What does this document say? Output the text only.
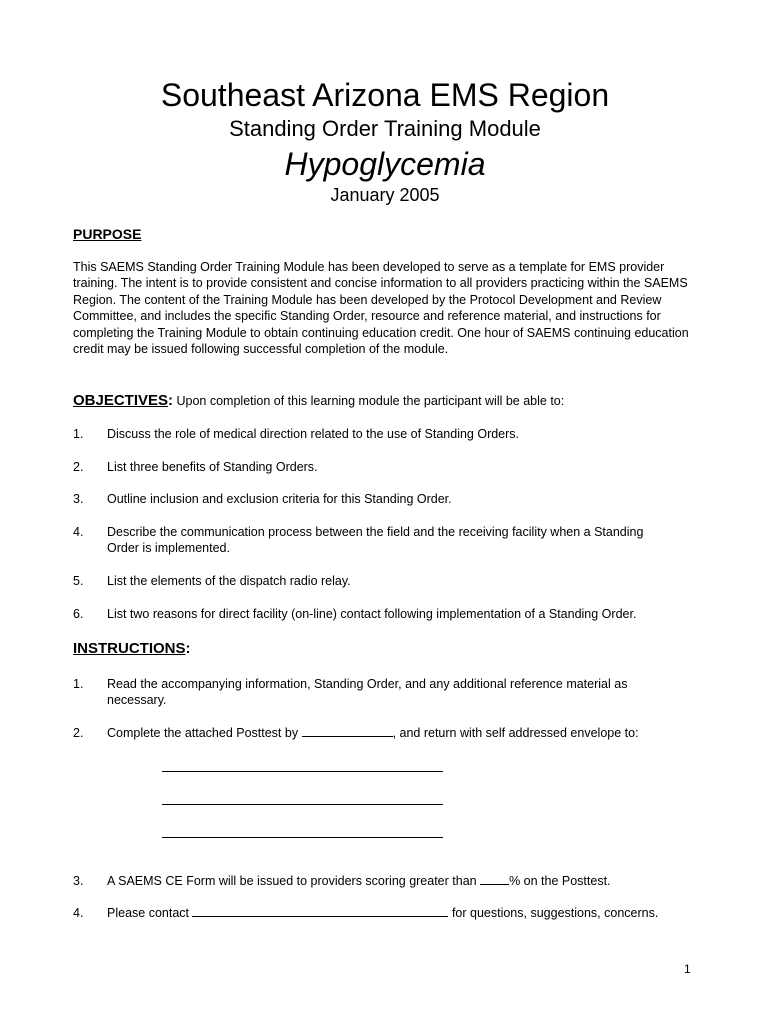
Southeast Arizona EMS Region
Standing Order Training Module
Hypoglycemia
January 2005
PURPOSE
This SAEMS Standing Order Training Module has been developed to serve as a template for EMS provider training. The intent is to provide consistent and concise information to all providers practicing within the SAEMS Region. The content of the Training Module has been developed by the Protocol Development and Review Committee, and includes the specific Standing Order, resource and reference material, and instructions for completing the Training Module to obtain continuing education credit. One hour of SAEMS continuing education credit may be issued following successful completion of the module.
OBJECTIVES: Upon completion of this learning module the participant will be able to:
1.	Discuss the role of medical direction related to the use of Standing Orders.
2.	List three benefits of Standing Orders.
3.	Outline inclusion and exclusion criteria for this Standing Order.
4.	Describe the communication process between the field and the receiving facility when a Standing Order is implemented.
5.	List the elements of the dispatch radio relay.
6.	List two reasons for direct facility (on-line) contact following implementation of a Standing Order.
INSTRUCTIONS:
1.	Read the accompanying information, Standing Order, and any additional reference material as necessary.
2.	Complete the attached Posttest by	, and return with self addressed envelope to:
3.	A SAEMS CE Form will be issued to providers scoring greater than % on the Posttest.
4.	Please contact	for questions, suggestions, concerns.
1
